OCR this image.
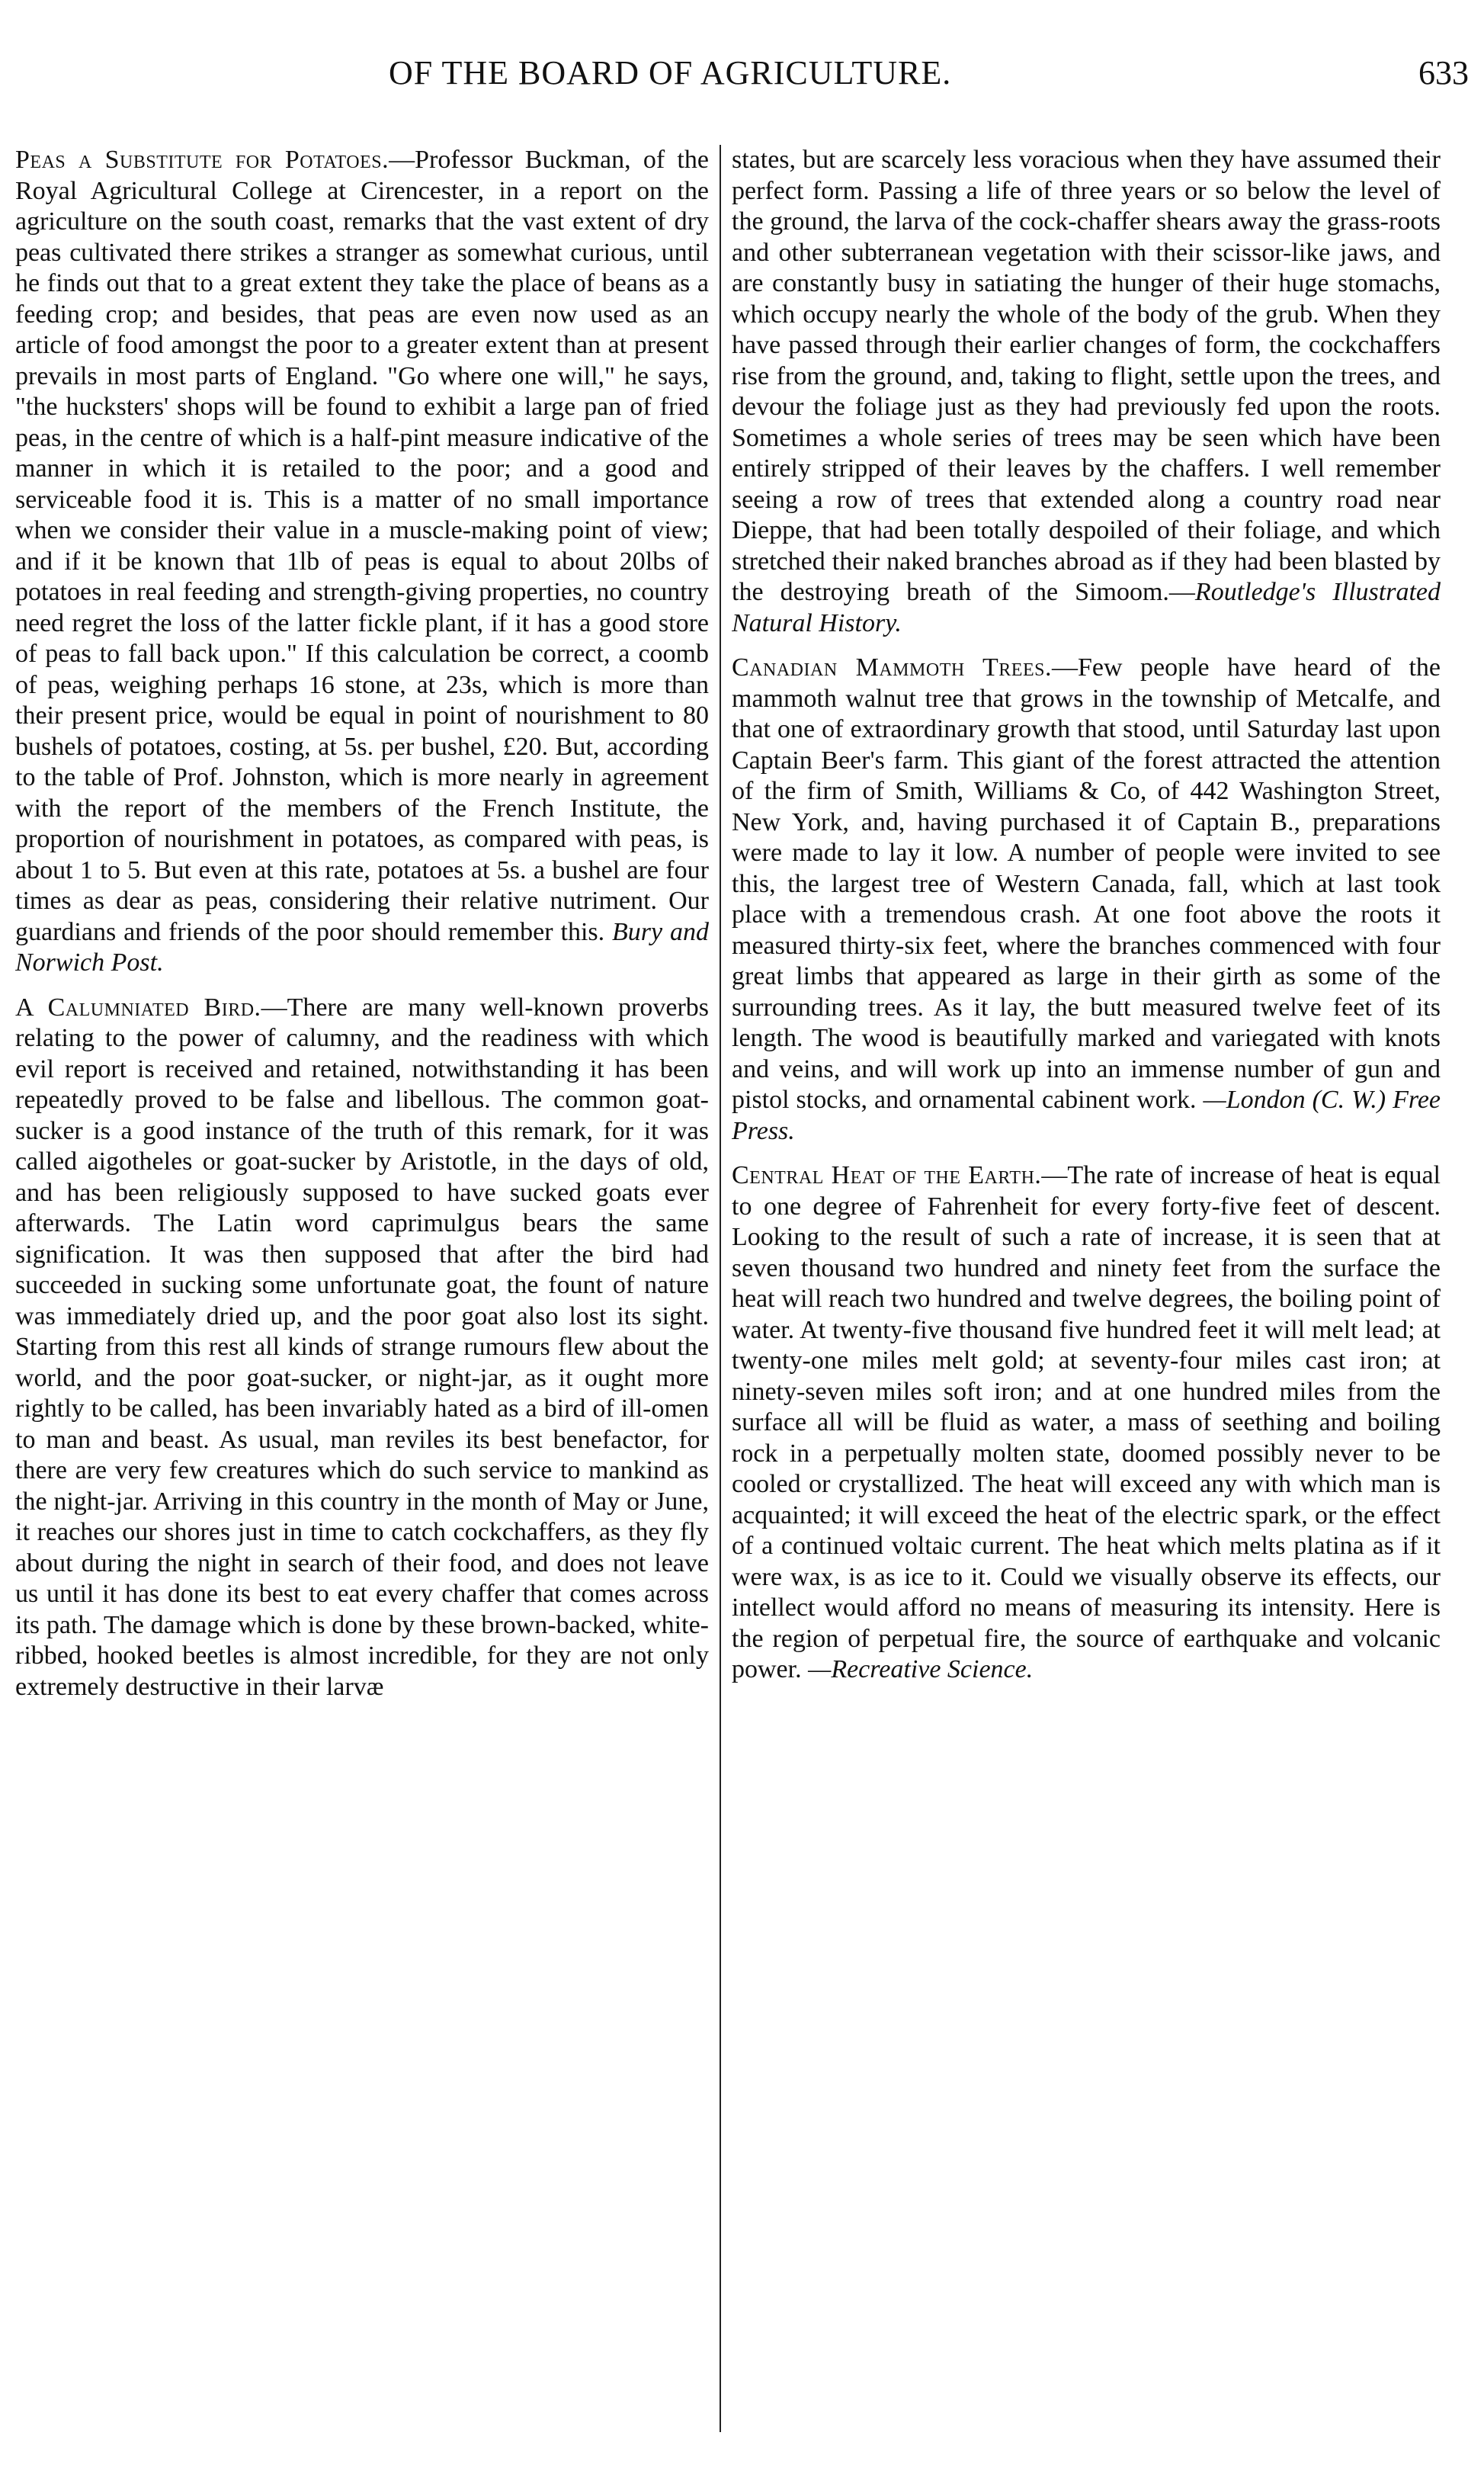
OF THE BOARD OF AGRICULTURE.	633

Peas a Substitute for Potatoes.—Professor Buckman, of the Royal Agricultural College at Cirencester, in a report on the agriculture on the south coast, remarks that the vast extent of dry peas cultivated there strikes a stranger as somewhat curious, until he finds out that to a great extent they take the place of beans as a feeding crop; and besides, that peas are even now used as an article of food amongst the poor to a greater extent than at present prevails in most parts of England. "Go where one will," he says, "the hucksters' shops will be found to exhibit a large pan of fried peas, in the centre of which is a half-pint measure indicative of the manner in which it is retailed to the poor; and a good and serviceable food it is. This is a matter of no small importance when we consider their value in a muscle-making point of view; and if it be known that 1lb of peas is equal to about 20lbs of potatoes in real feeding and strength-giving properties, no country need regret the loss of the latter fickle plant, if it has a good store of peas to fall back upon." If this calculation be correct, a coomb of peas, weighing perhaps 16 stone, at 23s, which is more than their present price, would be equal in point of nourishment to 80 bushels of potatoes, costing, at 5s. per bushel, £20. But, according to the table of Prof. Johnston, which is more nearly in agreement with the report of the members of the French Institute, the proportion of nourishment in potatoes, as compared with peas, is about 1 to 5. But even at this rate, potatoes at 5s. a bushel are four times as dear as peas, considering their relative nutriment. Our guardians and friends of the poor should remember this. Bury and Norwich Post.

A Calumniated Bird.—There are many well-known proverbs relating to the power of calumny, and the readiness with which evil report is received and retained, notwithstanding it has been repeatedly proved to be false and libellous. The common goat-sucker is a good instance of the truth of this remark, for it was called aigotheles or goat-sucker by Aristotle, in the days of old, and has been religiously supposed to have sucked goats ever afterwards. The Latin word caprimulgus bears the same signification. It was then supposed that after the bird had succeeded in sucking some unfortunate goat, the fount of nature was immediately dried up, and the poor goat also lost its sight. Starting from this rest all kinds of strange rumours flew about the world, and the poor goat-sucker, or night-jar, as it ought more rightly to be called, has been invariably hated as a bird of ill-omen to man and beast. As usual, man reviles its best benefactor, for there are very few creatures which do such service to mankind as the night-jar. Arriving in this country in the month of May or June, it reaches our shores just in time to catch cockchaffers, as they fly about during the night in search of their food, and does not leave us until it has done its best to eat every chaffer that comes across its path. The damage which is done by these brown-backed, white-ribbed, hooked beetles is almost incredible, for they are not only extremely destructive in their larvæ

states, but are scarcely less voracious when they have assumed their perfect form. Passing a life of three years or so below the level of the ground, the larva of the cock-chaffer shears away the grass-roots and other subterranean vegetation with their scissor-like jaws, and are constantly busy in satiating the hunger of their huge stomachs, which occupy nearly the whole of the body of the grub. When they have passed through their earlier changes of form, the cockchaffers rise from the ground, and, taking to flight, settle upon the trees, and devour the foliage just as they had previously fed upon the roots. Sometimes a whole series of trees may be seen which have been entirely stripped of their leaves by the chaffers. I well remember seeing a row of trees that extended along a country road near Dieppe, that had been totally despoiled of their foliage, and which stretched their naked branches abroad as if they had been blasted by the destroying breath of the Simoom.—Routledge's Illustrated Natural History.

Canadian Mammoth Trees.—Few people have heard of the mammoth walnut tree that grows in the township of Metcalfe, and that one of extraordinary growth that stood, until Saturday last upon Captain Beer's farm. This giant of the forest attracted the attention of the firm of Smith, Williams & Co, of 442 Washington Street, New York, and, having purchased it of Captain B., preparations were made to lay it low. A number of people were invited to see this, the largest tree of Western Canada, fall, which at last took place with a tremendous crash. At one foot above the roots it measured thirty-six feet, where the branches commenced with four great limbs that appeared as large in their girth as some of the surrounding trees. As it lay, the butt measured twelve feet of its length. The wood is beautifully marked and variegated with knots and veins, and will work up into an immense number of gun and pistol stocks, and ornamental cabinent work. —London (C. W.) Free Press.

Central Heat of the Earth.—The rate of increase of heat is equal to one degree of Fahrenheit for every forty-five feet of descent. Looking to the result of such a rate of increase, it is seen that at seven thousand two hundred and ninety feet from the surface the heat will reach two hundred and twelve degrees, the boiling point of water. At twenty-five thousand five hundred feet it will melt lead; at twenty-one miles melt gold; at seventy-four miles cast iron; at ninety-seven miles soft iron; and at one hundred miles from the surface all will be fluid as water, a mass of seething and boiling rock in a perpetually molten state, doomed possibly never to be cooled or crystallized. The heat will exceed any with which man is acquainted; it will exceed the heat of the electric spark, or the effect of a continued voltaic current. The heat which melts platina as if it were wax, is as ice to it. Could we visually observe its effects, our intellect would afford no means of measuring its intensity. Here is the region of perpetual fire, the source of earthquake and volcanic power. —Recreative Science.
